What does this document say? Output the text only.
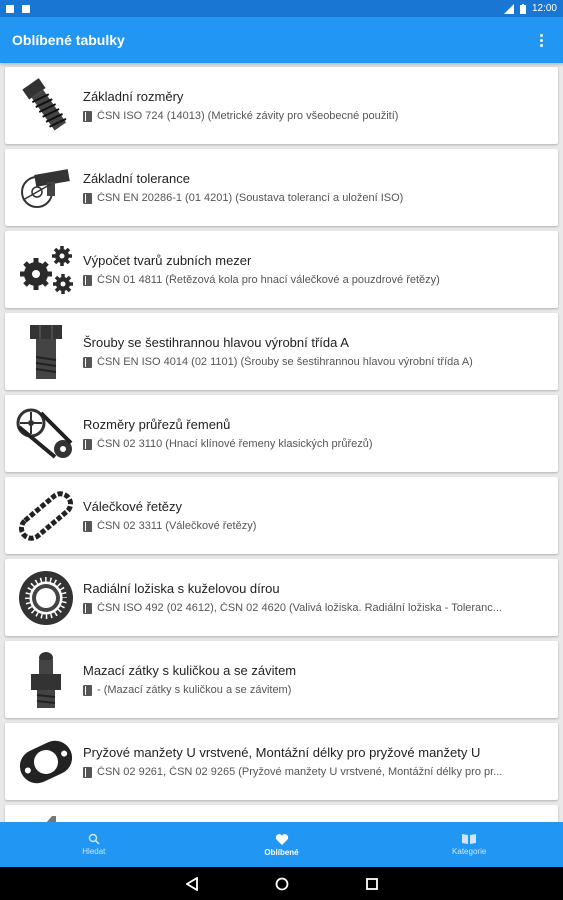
12:00
Oblíbené tabulky
Základní rozměry
ČSN ISO 724 (14013) (Metrické závity pro všeobecné použití)
Základní tolerance
ČSN EN 20286-1 (01 4201) (Soustava tolerancí a uložení ISO)
Výpočet tvarů zubních mezer
ČSN 01 4811 (Řetězová kola pro hnací válečkové a pouzdrové řetězy)
Šrouby se šestihrannou hlavou výrobní třída A
ČSN EN ISO 4014 (02 1101) (Šrouby se šestihrannou hlavou výrobní třída A)
Rozměry průřezů řemenů
ČSN 02 3110 (Hnací klínové řemeny klasických průřezů)
Válečkové řetězy
ČSN 02 3311 (Válečkové řetězy)
Radiální ložiska s kuželovou dírou
ČSN ISO 492 (02 4612), ČSN 02 4620 (Valivá ložiska. Radiální ložiska - Toleranc...
Mazací zátky s kuličkou a se závitem
- (Mazací zátky s kuličkou a se závitem)
Pryžové manžety U vrstvené, Montážní délky pro pryžové manžety U
ČSN 02 9261, ČSN 02 9265 (Pryžové manžety U vrstvené, Montážní délky pro pr...
Hledat	Oblíbené	Kategorie
